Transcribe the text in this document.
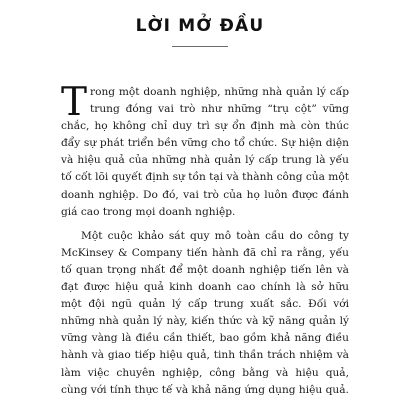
LỜI MỞ ĐẦU

Trong một doanh nghiệp, những nhà quản lý cấp trung đóng vai trò như những “trụ cột” vững chắc, họ không chỉ duy trì sự ổn định mà còn thúc đẩy sự phát triển bền vững cho tổ chức. Sự hiện diện và hiệu quả của những nhà quản lý cấp trung là yếu tố cốt lõi quyết định sự tồn tại và thành công của một doanh nghiệp. Do đó, vai trò của họ luôn được đánh giá cao trong mọi doanh nghiệp.

Một cuộc khảo sát quy mô toàn cầu do công ty McKinsey & Company tiến hành đã chỉ ra rằng, yếu tố quan trọng nhất để một doanh nghiệp tiến lên và đạt được hiệu quả kinh doanh cao chính là sở hữu một đội ngũ quản lý cấp trung xuất sắc. Đối với những nhà quản lý này, kiến thức và kỹ năng quản lý vững vàng là điều cần thiết, bao gồm khả năng điều hành và giao tiếp hiệu quả, tinh thần trách nhiệm và làm việc chuyên nghiệp, công bằng và hiệu quả, cùng với tính thực tế và khả năng ứng dụng hiệu quả.
